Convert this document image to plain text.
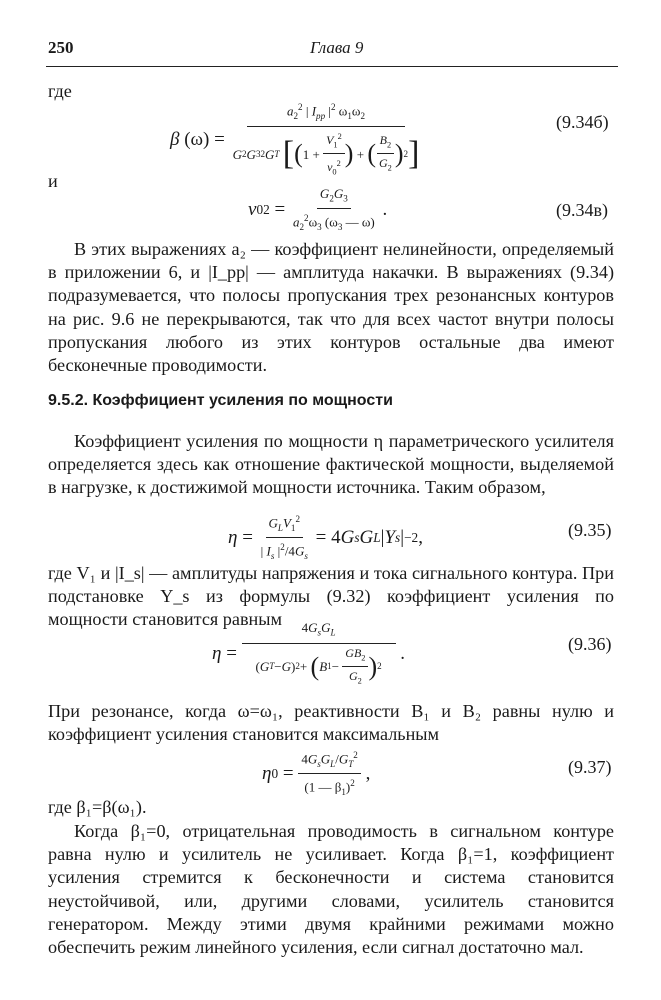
250	Глава 9
где
β $(\omega) = a_2^2$ | $I_{pp}$ $|^2$ $\omega_1\omega_2$
G 2 G 3 2 G T
[ ( $1 + \frac{V_1^2}{v_0^2}$ ) + ( $\frac{B_2}{G_2}$ ) 2 ]	(9.34б)
и
v 0 $2 = \frac{G_2G_3}{a_2^2\omega_3 (\omega_3 — \omega)}$ .	(9.34в)
В этих выражениях a₂ — коэффициент нелинейности, определяемый в приложении 6, и |I_pp| — амплитуда накачки. В выражениях (9.34) подразумевается, что полосы пропускания трех резонансных контуров на рис. 9.6 не перекрываются, так что для всех частот внутри полосы пропускания любого из этих контуров остальные два имеют бесконечные проводимости.
9.5.2. Коэффициент усиления по мощности
Коэффициент усиления по мощности η параметрического усилителя определяется здесь как отношение фактической мощности, выделяемой в нагрузке, к достижимой мощности источника. Таким образом,
$\eta = \frac{G_LV_1^2}{| I_s |^2/4G_s} = 4$ G s G L | Y s | −2 ,	(9.35)
где V₁ и |I_s| — амплитуды напряжения и тока сигнального контура. При подстановке Y_s из формулы (9.32) коэффициент усиления по мощности становится равным
$\eta = \frac{4G_sG_L}{( G T - G ) 2 + ( B 1 - \frac{GB_2}{G_2} ) 2}$ .	(9.36)
При резонансе, когда ω=ω₁, реактивности B₁ и B₂ равны нулю и коэффициент усиления становится максимальным
η $0 = \frac{4G_sG_L/G_T^2}{(1 — \beta_1)^2}$ ,	(9.37)
где β₁=β(ω₁).
Когда β₁=0, отрицательная проводимость в сигнальном контуре равна нулю и усилитель не усиливает. Когда β₁=1, коэффициент усиления стремится к бесконечности и система становится неустойчивой, или, другими словами, усилитель становится генератором. Между этими двумя крайними режимами можно обеспечить режим линейного усиления, если сигнал достаточно мал.
